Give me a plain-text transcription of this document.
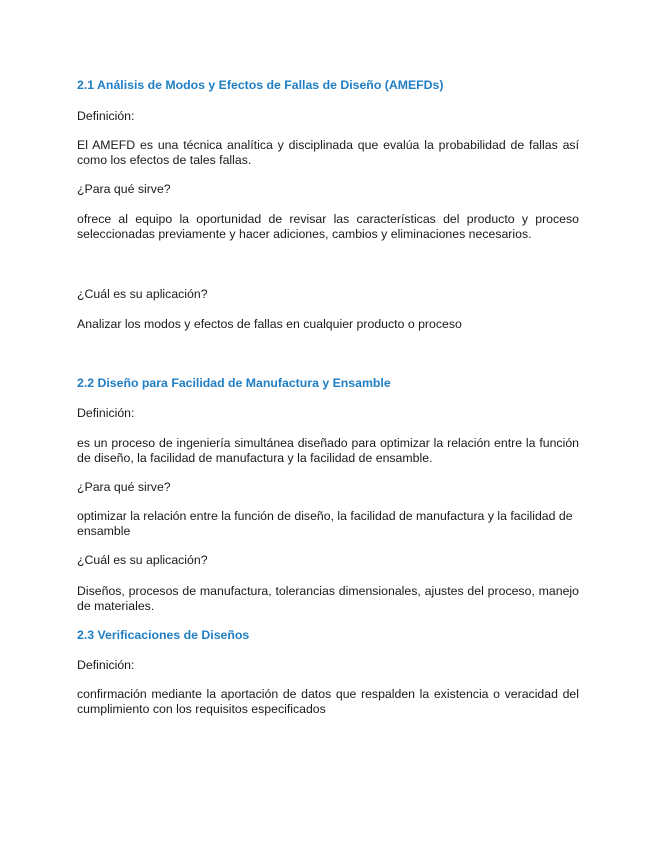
2.1 Análisis de Modos y Efectos de Fallas de Diseño (AMEFDs)

Definición:

El AMEFD es una técnica analítica y disciplinada que evalúa la probabilidad de fallas así como los efectos de tales fallas.

¿Para qué sirve?

ofrece al equipo la oportunidad de revisar las características del producto y proceso seleccionadas previamente y hacer adiciones, cambios y eliminaciones necesarios.

¿Cuál es su aplicación?

Analizar los modos y efectos de fallas en cualquier producto o proceso

2.2 Diseño para Facilidad de Manufactura y Ensamble

Definición:

es un proceso de ingeniería simultánea diseñado para optimizar la relación entre la función de diseño, la facilidad de manufactura y la facilidad de ensamble.

¿Para qué sirve?

optimizar la relación entre la función de diseño, la facilidad de manufactura y la facilidad de ensamble

¿Cuál es su aplicación?

Diseños, procesos de manufactura, tolerancias dimensionales, ajustes del proceso, manejo de materiales.

2.3 Verificaciones de Diseños

Definición:

confirmación mediante la aportación de datos que respalden la existencia o veracidad del cumplimiento con los requisitos especificados
